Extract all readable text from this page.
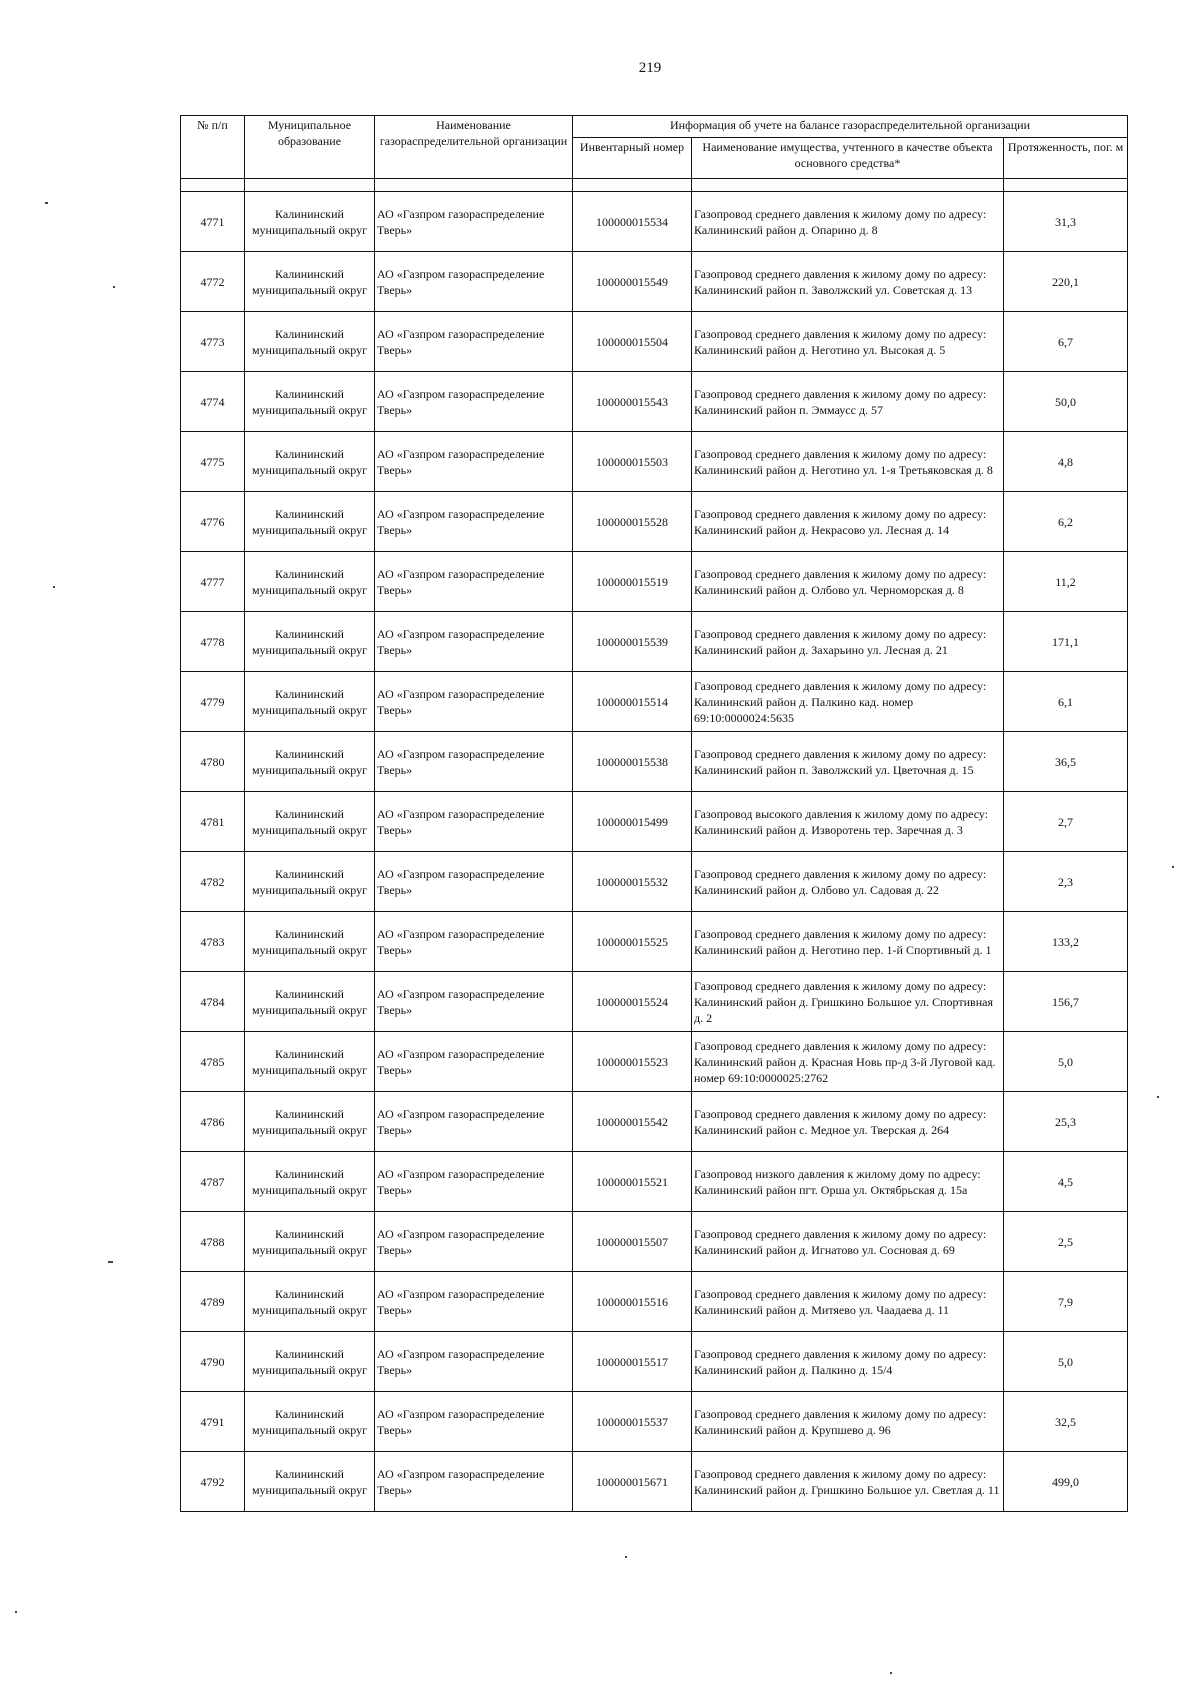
219
№ п/п	Муниципальное образование	Наименование газораспределительной организации	Информация об учете на балансе газораспределительной организации		
			Инвентарный номер	Наименование имущества, учтенного в качестве объекта основного средства*	Протяженность, пог. м

4771	Калининский муниципальный округ	АО «Газпром газораспределение Тверь»	100000015534	Газопровод среднего давления к жилому дому по адресу: Калининский район д. Опарино д. 8	31,3
4772	Калининский муниципальный округ	АО «Газпром газораспределение Тверь»	100000015549	Газопровод среднего давления к жилому дому по адресу: Калининский район п. Заволжский ул. Советская д. 13	220,1
4773	Калининский муниципальный округ	АО «Газпром газораспределение Тверь»	100000015504	Газопровод среднего давления к жилому дому по адресу: Калининский район д. Неготино ул. Высокая д. 5	6,7
4774	Калининский муниципальный округ	АО «Газпром газораспределение Тверь»	100000015543	Газопровод среднего давления к жилому дому по адресу: Калининский район п. Эммаусс д. 57	50,0
4775	Калининский муниципальный округ	АО «Газпром газораспределение Тверь»	100000015503	Газопровод среднего давления к жилому дому по адресу: Калининский район д. Неготино ул. 1-я Третьяковская д. 8	4,8
4776	Калининский муниципальный округ	АО «Газпром газораспределение Тверь»	100000015528	Газопровод среднего давления к жилому дому по адресу: Калининский район д. Некрасово ул. Лесная д. 14	6,2
4777	Калининский муниципальный округ	АО «Газпром газораспределение Тверь»	100000015519	Газопровод среднего давления к жилому дому по адресу: Калининский район д. Олбово ул. Черноморская д. 8	11,2
4778	Калининский муниципальный округ	АО «Газпром газораспределение Тверь»	100000015539	Газопровод среднего давления к жилому дому по адресу: Калининский район д. Захарьино ул. Лесная д. 21	171,1
4779	Калининский муниципальный округ	АО «Газпром газораспределение Тверь»	100000015514	Газопровод среднего давления к жилому дому по адресу: Калининский район д. Палкино кад. номер 69:10:0000024:5635	6,1
4780	Калининский муниципальный округ	АО «Газпром газораспределение Тверь»	100000015538	Газопровод среднего давления к жилому дому по адресу: Калининский район п. Заволжский ул. Цветочная д. 15	36,5
4781	Калининский муниципальный округ	АО «Газпром газораспределение Тверь»	100000015499	Газопровод высокого давления к жилому дому по адресу: Калининский район д. Изворотень тер. Заречная д. 3	2,7
4782	Калининский муниципальный округ	АО «Газпром газораспределение Тверь»	100000015532	Газопровод среднего давления к жилому дому по адресу: Калининский район д. Олбово ул. Садовая д. 22	2,3
4783	Калининский муниципальный округ	АО «Газпром газораспределение Тверь»	100000015525	Газопровод среднего давления к жилому дому по адресу: Калининский район д. Неготино пер. 1-й Спортивный д. 1	133,2
4784	Калининский муниципальный округ	АО «Газпром газораспределение Тверь»	100000015524	Газопровод среднего давления к жилому дому по адресу: Калининский район д. Гришкино Большое ул. Спортивная д. 2	156,7
4785	Калининский муниципальный округ	АО «Газпром газораспределение Тверь»	100000015523	Газопровод среднего давления к жилому дому по адресу: Калининский район д. Красная Новь пр-д 3-й Луговой кад. номер 69:10:0000025:2762	5,0
4786	Калининский муниципальный округ	АО «Газпром газораспределение Тверь»	100000015542	Газопровод среднего давления к жилому дому по адресу: Калининский район с. Медное ул. Тверская д. 264	25,3
4787	Калининский муниципальный округ	АО «Газпром газораспределение Тверь»	100000015521	Газопровод низкого давления к жилому дому по адресу: Калининский район пгт. Орша ул. Октябрьская д. 15а	4,5
4788	Калининский муниципальный округ	АО «Газпром газораспределение Тверь»	100000015507	Газопровод среднего давления к жилому дому по адресу: Калининский район д. Игнатово ул. Сосновая д. 69	2,5
4789	Калининский муниципальный округ	АО «Газпром газораспределение Тверь»	100000015516	Газопровод среднего давления к жилому дому по адресу: Калининский район д. Митяево ул. Чаадаева д. 11	7,9
4790	Калининский муниципальный округ	АО «Газпром газораспределение Тверь»	100000015517	Газопровод среднего давления к жилому дому по адресу: Калининский район д. Палкино д. 15/4	5,0
4791	Калининский муниципальный округ	АО «Газпром газораспределение Тверь»	100000015537	Газопровод среднего давления к жилому дому по адресу: Калининский район д. Крупшево д. 96	32,5
4792	Калининский муниципальный округ	АО «Газпром газораспределение Тверь»	100000015671	Газопровод среднего давления к жилому дому по адресу: Калининский район д. Гришкино Большое ул. Светлая д. 11	499,0
